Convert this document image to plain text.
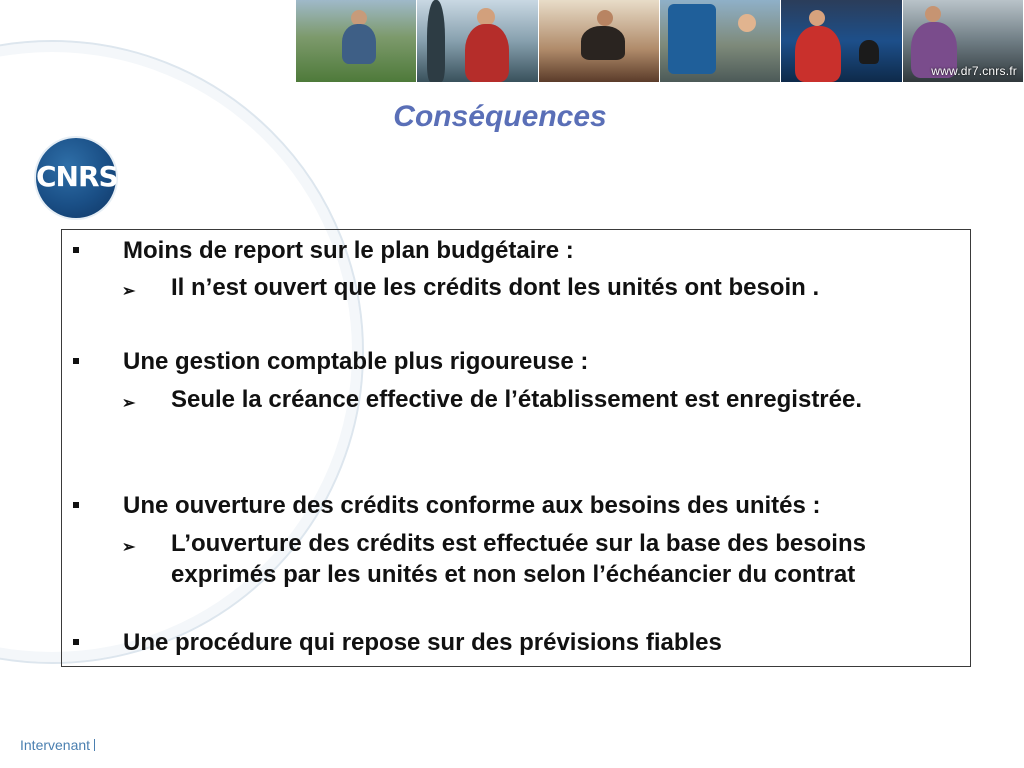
www.dr7.cnrs.fr
CNRS
Conséquences
Moins de report sur le plan budgétaire :
➢ Il n’est ouvert que les crédits dont les unités ont besoin .
Une gestion comptable plus rigoureuse :
➢ Seule la créance effective de l’établissement est enregistrée.
Une ouverture des crédits conforme aux besoins des unités :
➢ L’ouverture des crédits est effectuée sur la base des besoins exprimés par les unités et non selon l’échéancier du contrat
Une procédure qui repose sur des prévisions fiables
Intervenant
